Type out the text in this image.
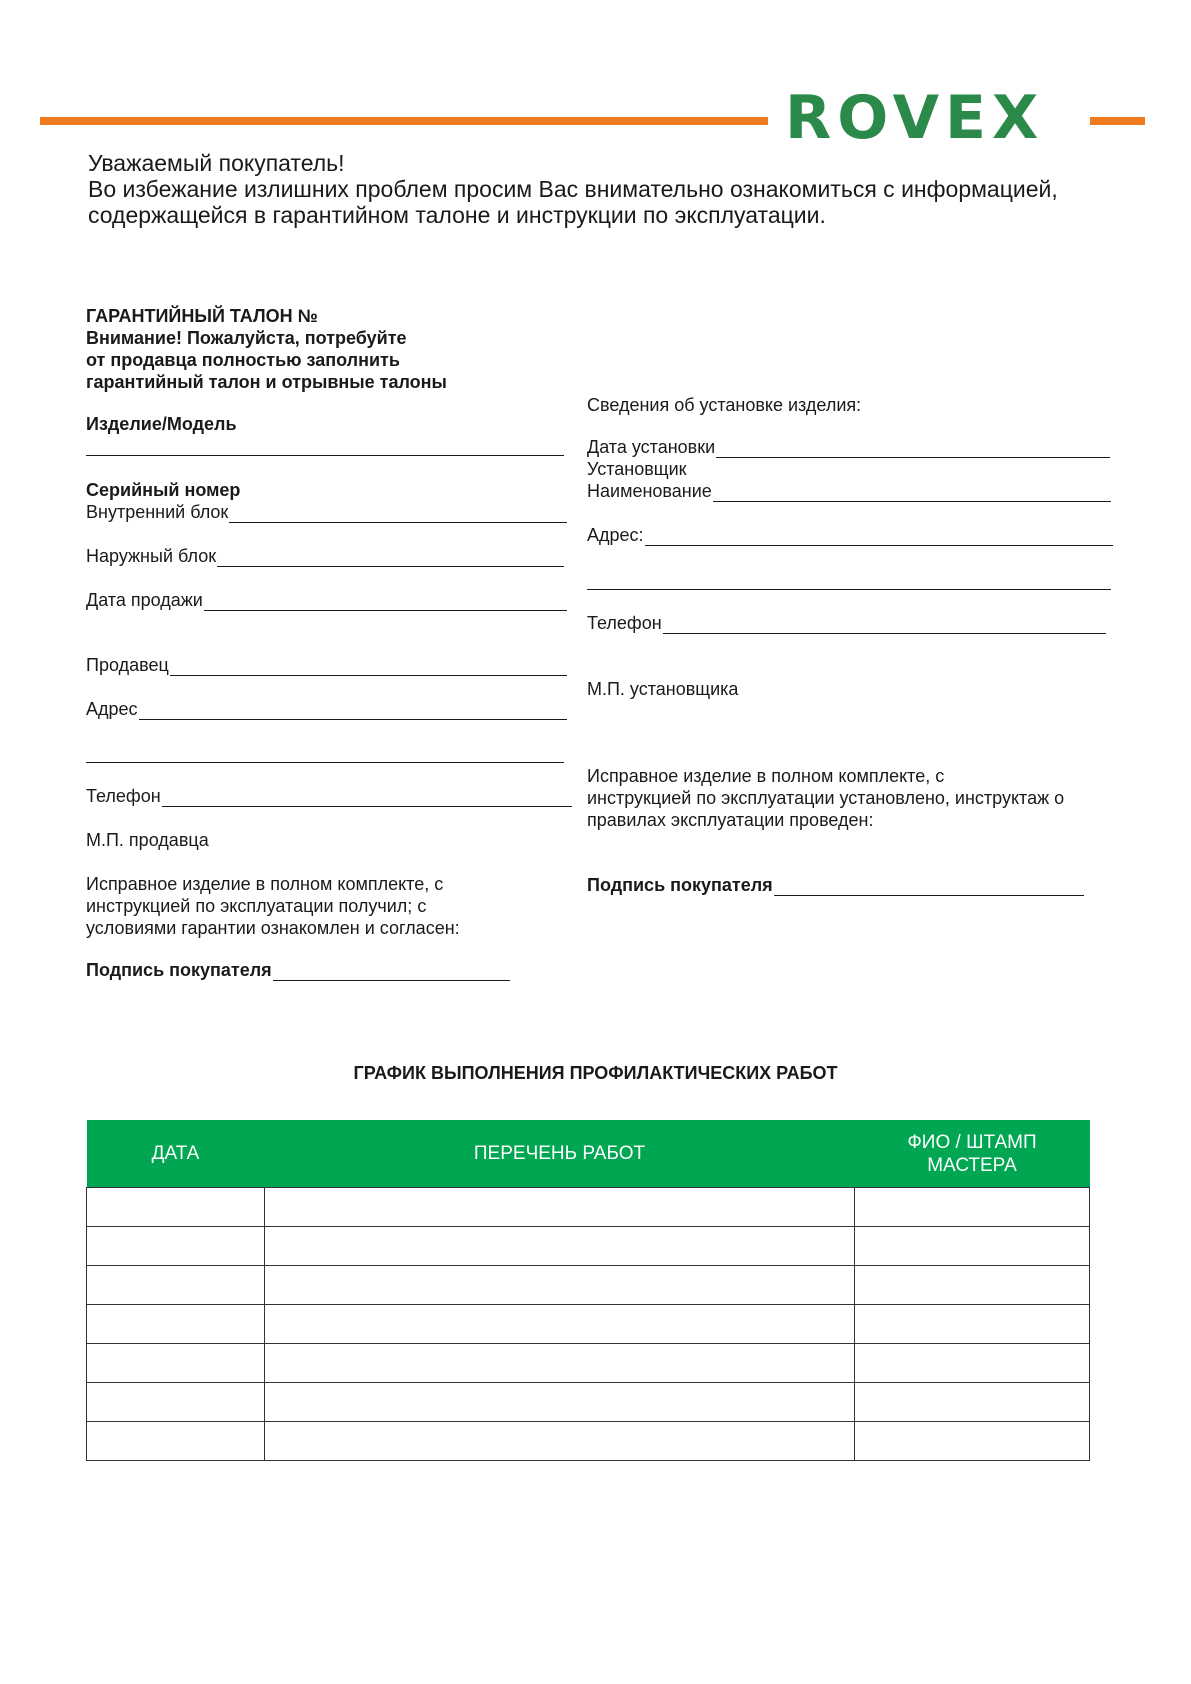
ROVEX
Уважаемый покупатель!
Во избежание излишних проблем просим Вас внимательно ознакомиться с информацией,
содержащейся в гарантийном талоне и инструкции по эксплуатации.
ГАРАНТИЙНЫЙ ТАЛОН №
Внимание! Пожалуйста, потребуйте
от продавца полностью заполнить
гарантийный талон и отрывные талоны
Изделие/Модель
Серийный номер
Внутренний блок
Наружный блок
Дата продажи
Продавец
Адрес
Телефон
М.П. продавца
Исправное изделие в полном комплекте, с
инструкцией по эксплуатации получил; с
условиями гарантии ознакомлен и согласен:
Подпись покупателя
Сведения об установке изделия:
Дата установки
Установщик
Наименование
Адрес:
Телефон
М.П. установщика
Исправное изделие в полном комплекте, с
инструкцией по эксплуатации установлено, инструктаж о
правилах эксплуатации проведен:
Подпись покупателя
ГРАФИК ВЫПОЛНЕНИЯ ПРОФИЛАКТИЧЕСКИХ РАБОТ
ДАТА	ПЕРЕЧЕНЬ РАБОТ	ФИО / ШТАМП
МАСТЕРА
